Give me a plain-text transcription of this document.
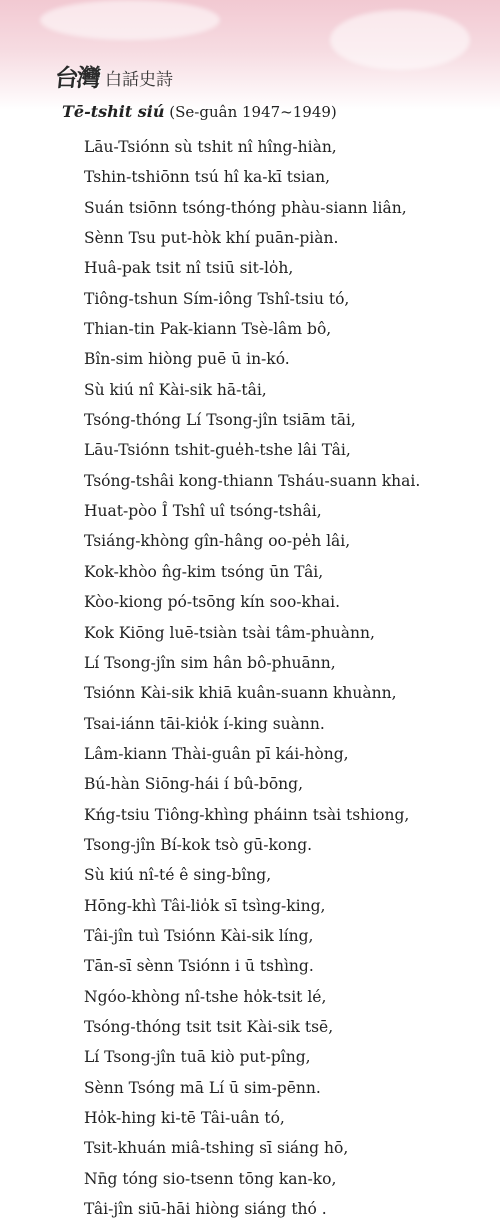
台灣 白話史詩
Tē-tshit siú (Se-guân 1947~1949)
Lāu-Tsiónn sù tshit nî hîng-hiàn,
Tshin-tshiōnn tsú hî ka-kī tsian,
Suán tsiōnn tsóng-thóng phàu-siann liân,
Sènn Tsu put-hòk khí puān-piàn.
Huâ-pak tsit nî tsiū sit-lo̍h,
Tiông-tshun Sím-iông Tshî-tsiu tó,
Thian-tin Pak-kiann Tsè-lâm bô,
Bîn-sim hiòng puē ū in-kó.
Sù kiú nî Kài-sik hā-tâi,
Tsóng-thóng Lí Tsong-jîn tsiām tāi,
Lāu-Tsiónn tshit-gue̍h-tshe lâi Tâi,
Tsóng-tshâi kong-thiann Tsháu-suann khai.
Huat-pòo Î Tshî uî tsóng-tshâi,
Tsiáng-khòng gîn-hâng oo-pe̍h lâi,
Kok-khòo n̂g-kim tsóng ūn Tâi,
Kòo-kiong pó-tsōng kín soo-khai.
Kok Kiōng luē-tsiàn tsài tâm-phuànn,
Lí Tsong-jîn sim hân bô-phuānn,
Tsiónn Kài-sik khiā kuân-suann khuànn,
Tsai-iánn tāi-kio̍k í-king suànn.
Lâm-kiann Thài-guân pī kái-hòng,
Bú-hàn Siōng-hái í bû-bōng,
Kńg-tsiu Tiông-khìng pháinn tsài tshiong,
Tsong-jîn Bí-kok tsò gū-kong.
Sù kiú nî-té ê sing-bîng,
Hōng-khì Tâi-lio̍k sī tsìng-king,
Tâi-jîn tuì Tsiónn Kài-sik líng,
Tān-sī sènn Tsiónn i ū tshìng.
Ngóo-khòng nî-tshe ho̍k-tsit lé,
Tsóng-thóng tsit tsit Kài-sik tsē,
Lí Tsong-jîn tuā kiò put-pîng,
Sènn Tsóng mā Lí ū sim-pēnn.
Ho̍k-hing ki-tē Tâi-uân tó,
Tsit-khuán miâ-tshing sī siáng hō,
Nn̄g tóng sio-tsenn tōng kan-ko,
Tâi-jîn siū-hāi hiòng siáng thó .
